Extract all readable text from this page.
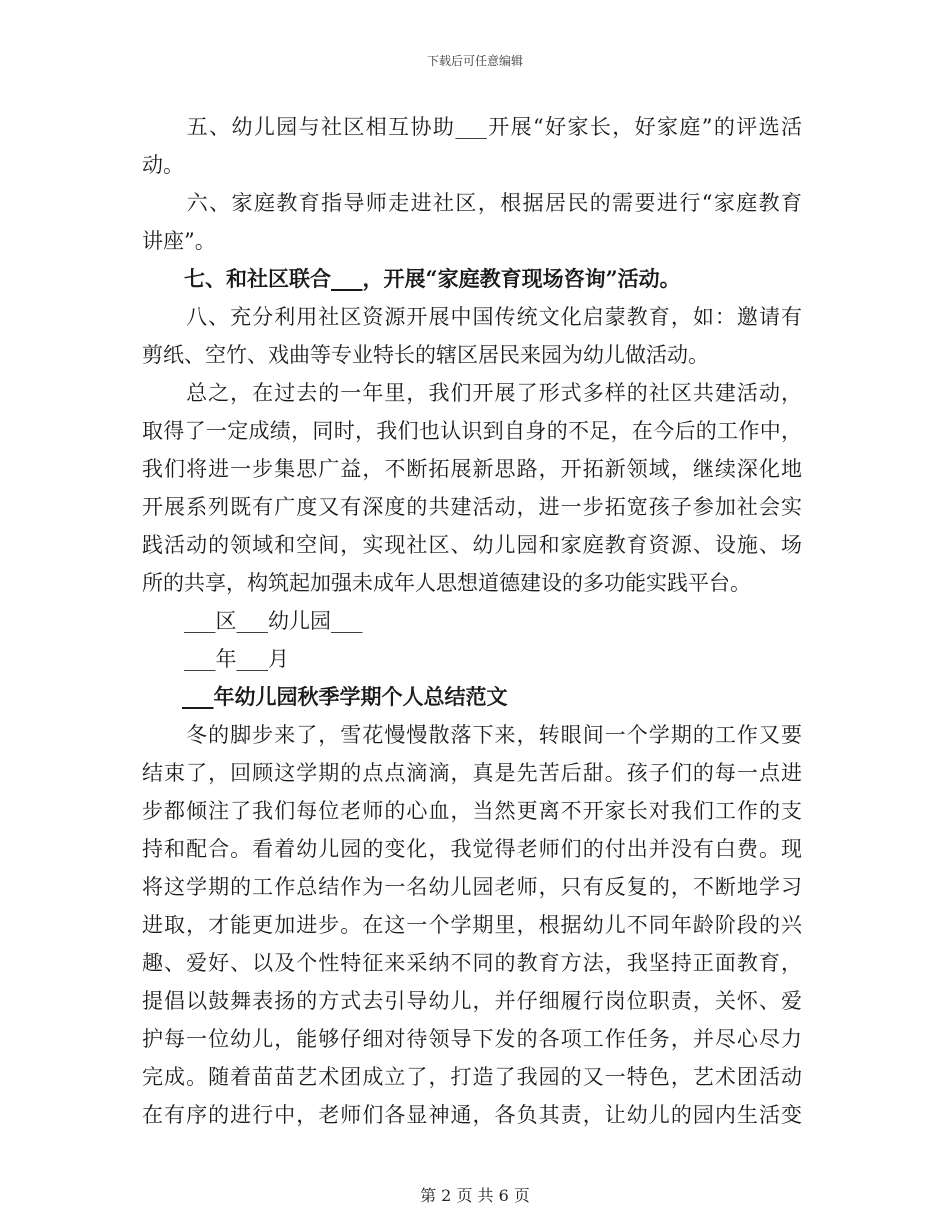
下载后可任意编辑
　　五、幼儿园与社区相互协助___开展“好家长，好家庭”的评选活
动。
　　六、家庭教育指导师走进社区，根据居民的需要进行“家庭教育
讲座”。
　　七、和社区联合___，开展“家庭教育现场咨询”活动。
　　八、充分利用社区资源开展中国传统文化启蒙教育，如：邀请有
剪纸、空竹、戏曲等专业特长的辖区居民来园为幼儿做活动。
　　总之，在过去的一年里，我们开展了形式多样的社区共建活动，
取得了一定成绩，同时，我们也认识到自身的不足，在今后的工作中，
我们将进一步集思广益，不断拓展新思路，开拓新领域，继续深化地
开展系列既有广度又有深度的共建活动，进一步拓宽孩子参加社会实
践活动的领域和空间，实现社区、幼儿园和家庭教育资源、设施、场
所的共享，构筑起加强未成年人思想道德建设的多功能实践平台。
　　___区___幼儿园___
　　___年___月
___年幼儿园秋季学期个人总结范文
　　冬的脚步来了，雪花慢慢散落下来，转眼间一个学期的工作又要
结束了，回顾这学期的点点滴滴，真是先苦后甜。孩子们的每一点进
步都倾注了我们每位老师的心血，当然更离不开家长对我们工作的支
持和配合。看着幼儿园的变化，我觉得老师们的付出并没有白费。现
将这学期的工作总结作为一名幼儿园老师，只有反复的，不断地学习
进取，才能更加进步。在这一个学期里，根据幼儿不同年龄阶段的兴
趣、爱好、以及个性特征来采纳不同的教育方法，我坚持正面教育，
提倡以鼓舞表扬的方式去引导幼儿，并仔细履行岗位职责，关怀、爱
护每一位幼儿，能够仔细对待领导下发的各项工作任务，并尽心尽力
完成。随着苗苗艺术团成立了，打造了我园的又一特色，艺术团活动
在有序的进行中，老师们各显神通，各负其责，让幼儿的园内生活变
第 2 页 共 6 页
